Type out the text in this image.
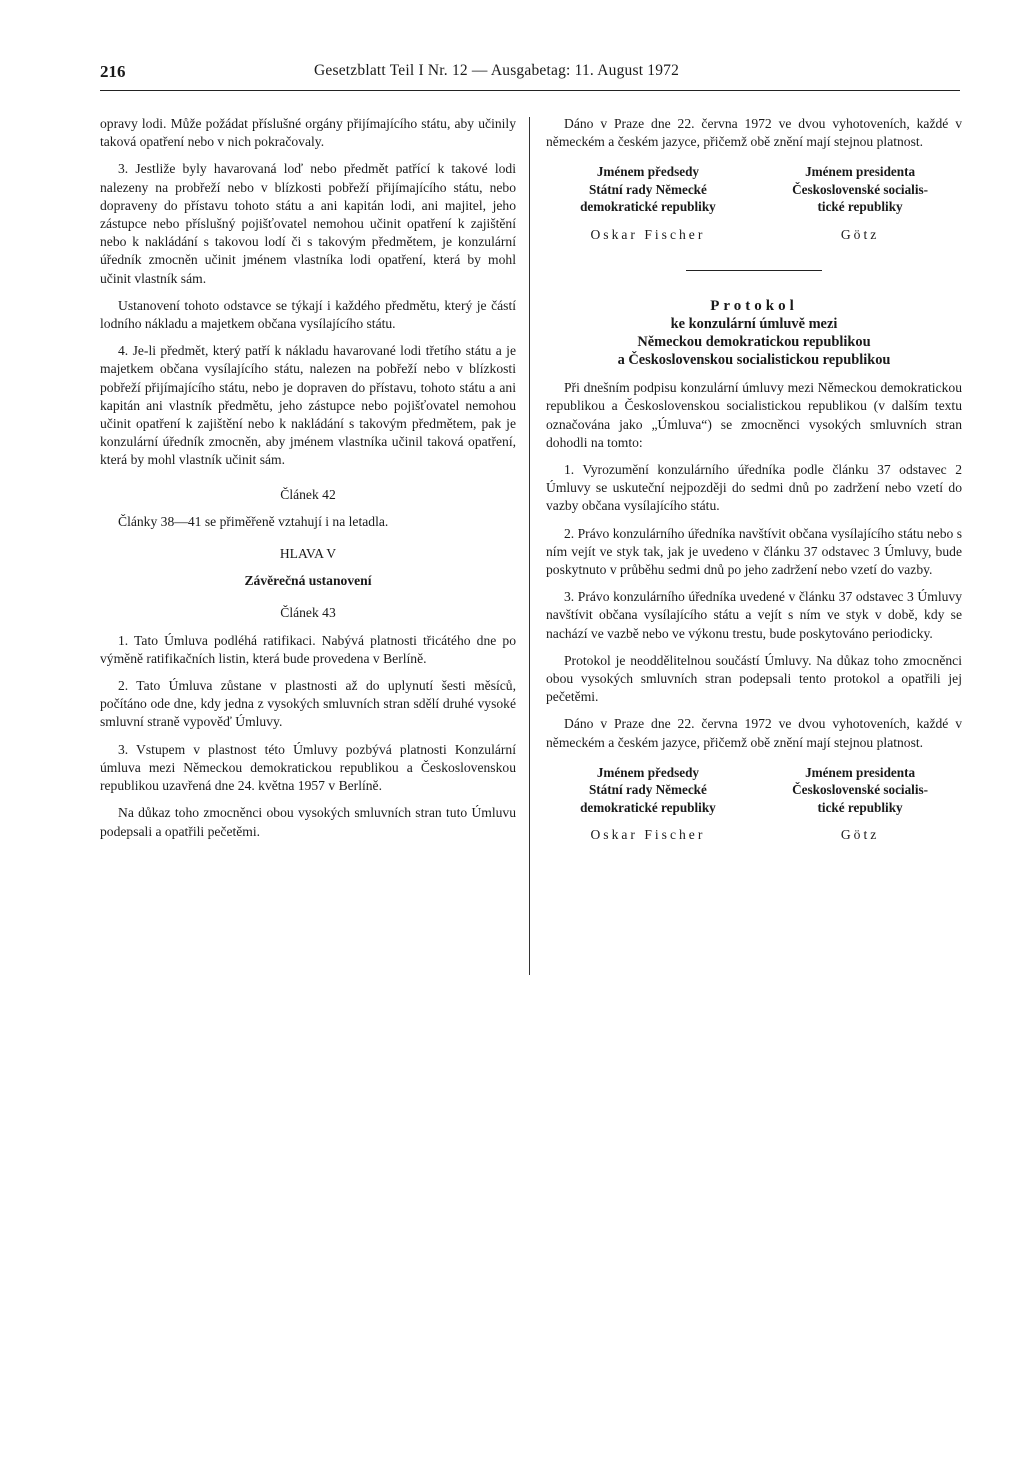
216	Gesetzblatt Teil I Nr. 12 — Ausgabetag: 11. August 1972

opravy lodi. Může požádat příslušné orgány přijímajícího státu, aby učinily taková opatření nebo v nich pokračovaly.

3. Jestliže byly havarovaná loď nebo předmět patřící k takové lodi nalezeny na probřeží nebo v blízkosti pobřeží přijímajícího státu, nebo dopraveny do přístavu tohoto státu a ani kapitán lodi, ani majitel, jeho zástupce nebo příslušný pojišťovatel nemohou učinit opatření k zajištění nebo k nakládání s takovou lodí či s takovým předmětem, je konzulární úředník zmocněn učinit jménem vlastníka lodi opatření, která by mohl učinit vlastník sám.

Ustanovení tohoto odstavce se týkají i každého předmětu, který je částí lodního nákladu a majetkem občana vysílajícího státu.

4. Je-li předmět, který patří k nákladu havarované lodi třetího státu a je majetkem občana vysílajícího státu, nalezen na pobřeží nebo v blízkosti pobřeží přijímajícího státu, nebo je dopraven do přístavu, tohoto státu a ani kapitán ani vlastník předmětu, jeho zástupce nebo pojišťovatel nemohou učinit opatření k zajištění nebo k nakládání s takovým předmětem, pak je konzulární úředník zmocněn, aby jménem vlastníka učinil taková opatření, která by mohl vlastník učinit sám.

Článek 42

Články 38—41 se přiměřeně vztahují i na letadla.

HLAVA V
Závěrečná ustanovení
Článek 43

1. Tato Úmluva podléhá ratifikaci. Nabývá platnosti třicátého dne po výměně ratifikačních listin, která bude provedena v Berlíně.

2. Tato Úmluva zůstane v plastnosti až do uplynutí šesti měsíců, počítáno ode dne, kdy jedna z vysokých smluvních stran sdělí druhé vysoké smluvní straně vypověď Úmluvy.

3. Vstupem v plastnost této Úmluvy pozbývá platnosti Konzulární úmluva mezi Německou demokratickou republikou a Československou republikou uzavřená dne 24. května 1957 v Berlíně.

Na důkaz toho zmocněnci obou vysokých smluvních stran tuto Úmluvu podepsali a opatřili pečetěmi.

Dáno v Praze dne 22. června 1972 ve dvou vyhotoveních, každé v německém a českém jazyce, přičemž obě znění mají stejnou platnost.

Jménem předsedy
Státní rady Německé
demokratické republiky
Oskar Fischer
Jménem presidenta
Československé socialis-
tické republiky
Götz
Protokol
ke konzulární úmluvě mezi
Německou demokratickou republikou
a Československou socialistickou republikou

Při dnešním podpisu konzulární úmluvy mezi Německou demokratickou republikou a Československou socialistickou republikou (v dalším textu označována jako „Úmluva“) se zmocněnci vysokých smluvních stran dohodli na tomto:

1. Vyrozumění konzulárního úředníka podle článku 37 odstavec 2 Úmluvy se uskuteční nejpozději do sedmi dnů po zadržení nebo vzetí do vazby občana vysílajícího státu.

2. Právo konzulárního úředníka navštívit občana vysílajícího státu nebo s ním vejít ve styk tak, jak je uvedeno v článku 37 odstavec 3 Úmluvy, bude poskytnuto v průběhu sedmi dnů po jeho zadržení nebo vzetí do vazby.

3. Právo konzulárního úředníka uvedené v článku 37 odstavec 3 Úmluvy navštívit občana vysílajícího státu a vejít s ním ve styk v době, kdy se nachází ve vazbě nebo ve výkonu trestu, bude poskytováno periodicky.

Protokol je neoddělitelnou součástí Úmluvy. Na důkaz toho zmocněnci obou vysokých smluvních stran podepsali tento protokol a opatřili jej pečetěmi.

Dáno v Praze dne 22. června 1972 ve dvou vyhotoveních, každé v německém a českém jazyce, přičemž obě znění mají stejnou platnost.

Jménem předsedy
Státní rady Německé
demokratické republiky
Oskar Fischer
Jménem presidenta
Československé socialis-
tické republiky
Götz
